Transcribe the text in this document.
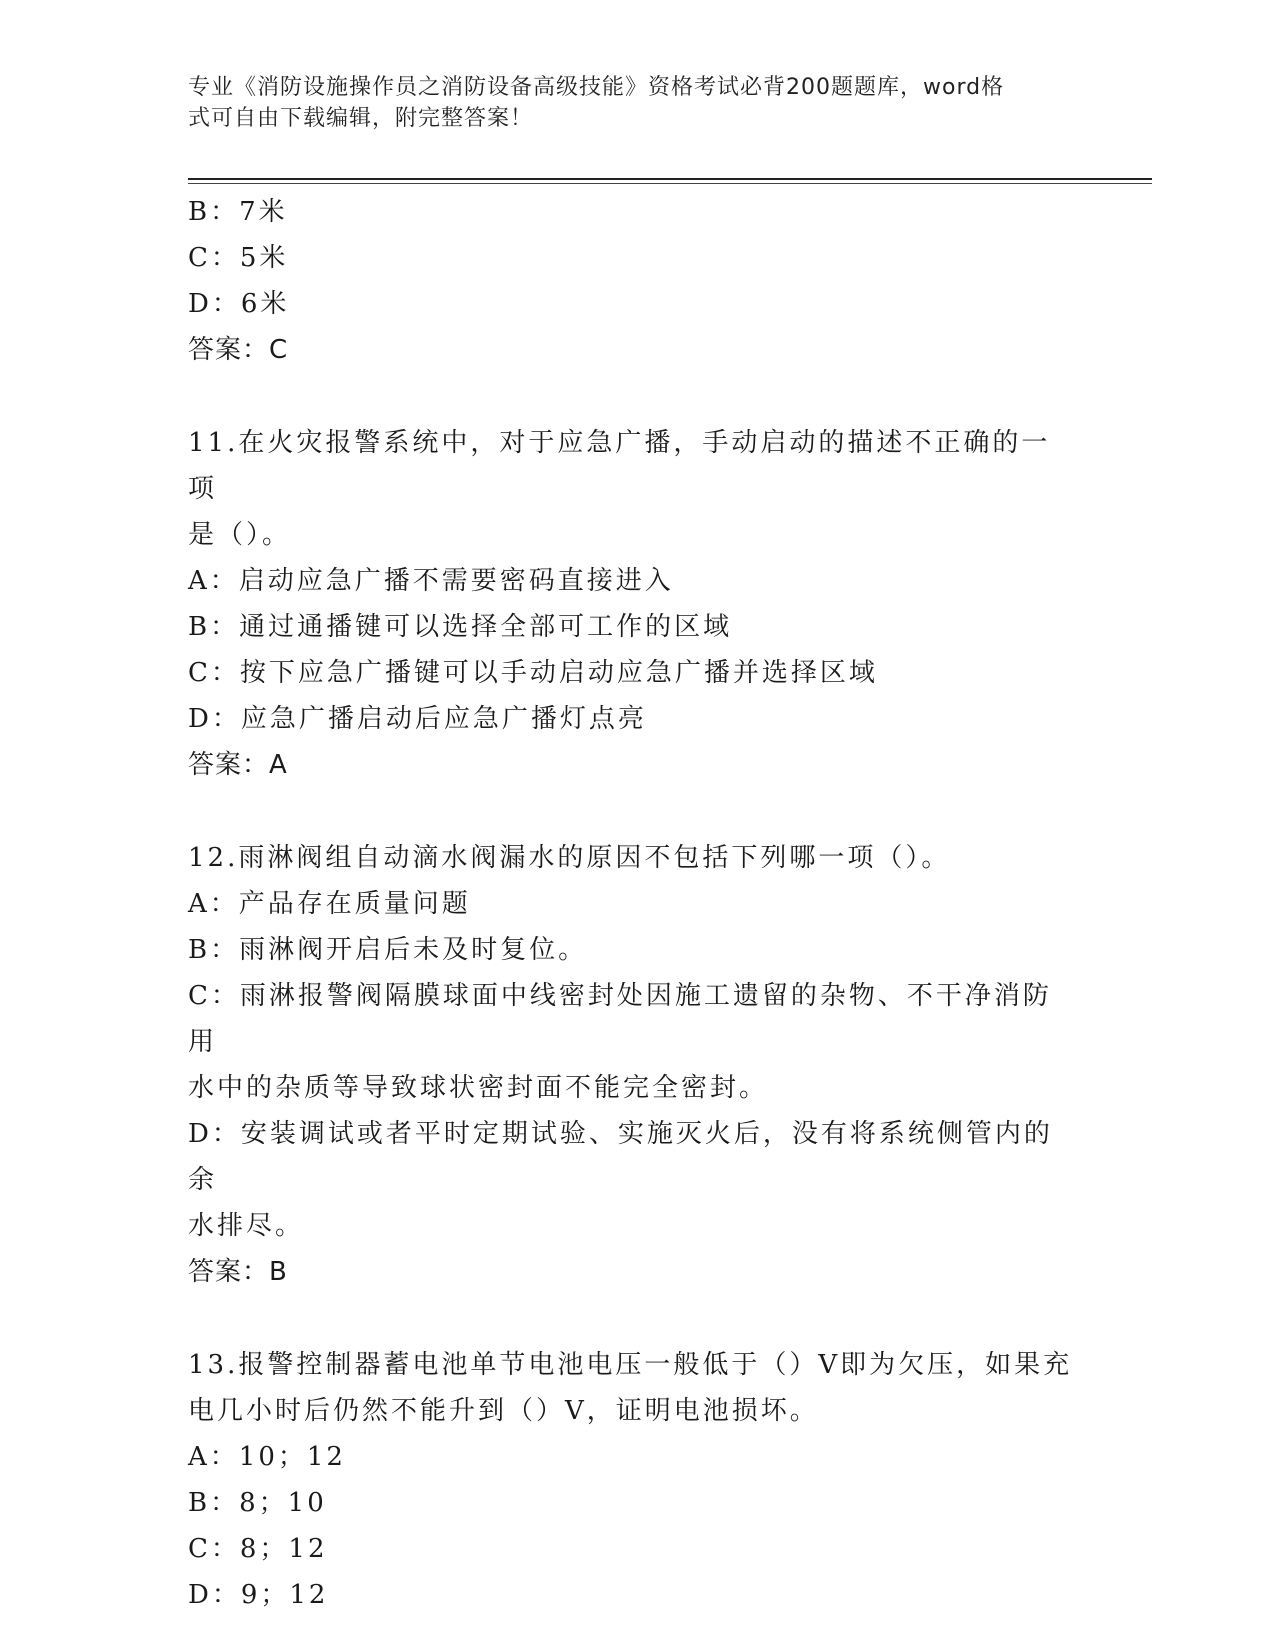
专业《消防设施操作员之消防设备高级技能》资格考试必背200题题库，word格
式可自由下载编辑，附完整答案！
B：7米
C：5米
D：6米
答案：C
11.在火灾报警系统中，对于应急广播，手动启动的描述不正确的一项
是（）。
A：启动应急广播不需要密码直接进入
B：通过通播键可以选择全部可工作的区域
C：按下应急广播键可以手动启动应急广播并选择区域
D：应急广播启动后应急广播灯点亮
答案：A
12.雨淋阀组自动滴水阀漏水的原因不包括下列哪一项（）。
A：产品存在质量问题
B：雨淋阀开启后未及时复位。
C：雨淋报警阀隔膜球面中线密封处因施工遗留的杂物、不干净消防用
水中的杂质等导致球状密封面不能完全密封。
D：安装调试或者平时定期试验、实施灭火后，没有将系统侧管内的余
水排尽。
答案：B
13.报警控制器蓄电池单节电池电压一般低于（）V即为欠压，如果充
电几小时后仍然不能升到（）V，证明电池损坏。
A：10；12
B：8；10
C：8；12
D：9；12
